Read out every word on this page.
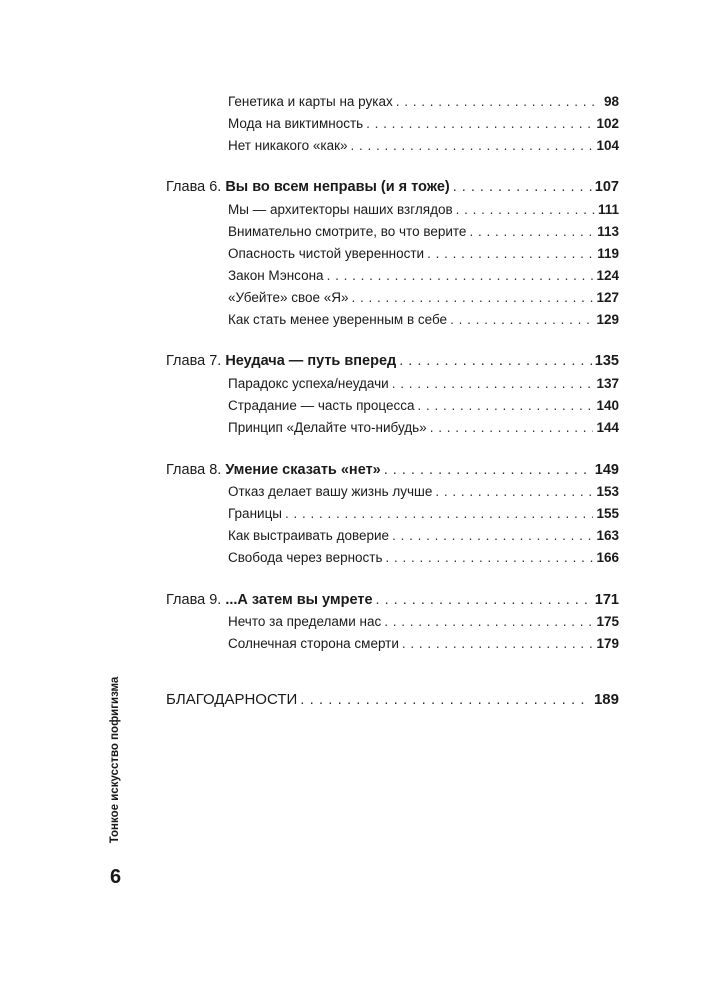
Генетика и карты на руках . . .	98
Мода на виктимность . . .	102
Нет никакого «как» . . .	104
Глава 6. Вы во всем неправы (и я тоже) . . .	107
Мы — архитекторы наших взглядов . . .	111
Внимательно смотрите, во что верите . . .	113
Опасность чистой уверенности . . .	119
Закон Мэнсона . . .	124
«Убейте» свое «Я» . . .	127
Как стать менее уверенным в себе . . .	129
Глава 7. Неудача — путь вперед . . .	135
Парадокс успеха/неудачи . . .	137
Страдание — часть процесса . . .	140
Принцип «Делайте что-нибудь» . . .	144
Глава 8. Умение сказать «нет» . . .	149
Отказ делает вашу жизнь лучше . . .	153
Границы . . .	155
Как выстраивать доверие . . .	163
Свобода через верность . . .	166
Глава 9. ...А затем вы умрете . . .	171
Нечто за пределами нас . . .	175
Солнечная сторона смерти . . .	179
БЛАГОДАРНОСТИ . . .	189
Тонкое искусство пофигизма
6
